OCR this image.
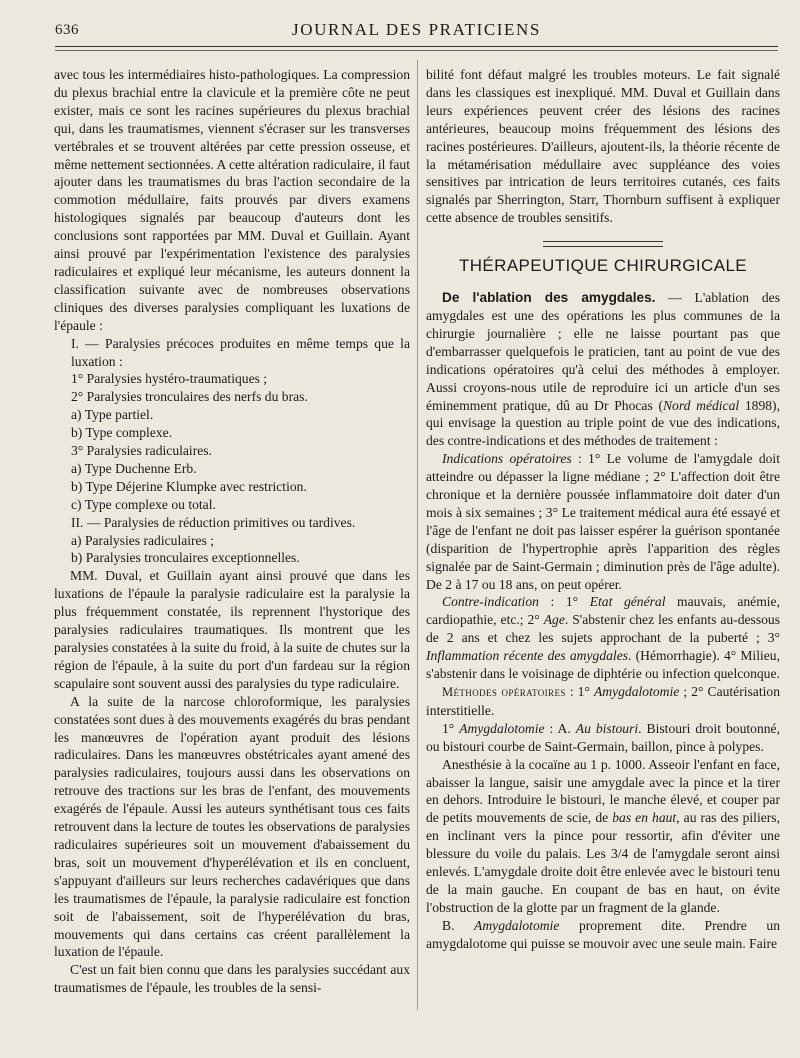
636	JOURNAL DES PRATICIENS

avec tous les intermédiaires histo-pathologiques. La compression du plexus brachial entre la clavicule et la première côte ne peut exister, mais ce sont les racines supérieures du plexus brachial qui, dans les traumatismes, viennent s'écraser sur les transverses vertébrales et se trouvent altérées par cette pression osseuse, et même nettement sectionnées. A cette altération radiculaire, il faut ajouter dans les traumatismes du bras l'action secondaire de la commotion médullaire, faits prouvés par divers examens histologiques signalés par beaucoup d'auteurs dont les conclusions sont rapportées par MM. Duval et Guillain. Ayant ainsi prouvé par l'expérimentation l'existence des paralysies radiculaires et expliqué leur mécanisme, les auteurs donnent la classification suivante avec de nombreuses observations cliniques des diverses paralysies compliquant les luxations de l'épaule :

I. — Paralysies précoces produites en même temps que la luxation :

1° Paralysies hystéro-traumatiques ;

2° Paralysies tronculaires des nerfs du bras.

a) Type partiel.

b) Type complexe.

3° Paralysies radiculaires.

a) Type Duchenne Erb.

b) Type Déjerine Klumpke avec restriction.

c) Type complexe ou total.

II. — Paralysies de réduction primitives ou tardives.

a) Paralysies radiculaires ;

b) Paralysies tronculaires exceptionnelles.

MM. Duval, et Guillain ayant ainsi prouvé que dans les luxations de l'épaule la paralysie radiculaire est la paralysie la plus fréquemment constatée, ils reprennent l'hystorique des paralysies radiculaires traumatiques. Ils montrent que les paralysies constatées à la suite du froid, à la suite de chutes sur la région de l'épaule, à la suite du port d'un fardeau sur la région scapulaire sont souvent aussi des paralysies du type radiculaire.

A la suite de la narcose chloroformique, les paralysies constatées sont dues à des mouvements exagérés du bras pendant les manœuvres de l'opération ayant produit des lésions radiculaires. Dans les manœuvres obstétricales ayant amené des paralysies radiculaires, toujours aussi dans les observations on retrouve des tractions sur les bras de l'enfant, des mouvements exagérés de l'épaule. Aussi les auteurs synthétisant tous ces faits retrouvent dans la lecture de toutes les observations de paralysies radiculaires supérieures soit un mouvement d'abaissement du bras, soit un mouvement d'hyperélévation et ils en concluent, s'appuyant d'ailleurs sur leurs recherches cadavériques que dans les traumatismes de l'épaule, la paralysie radiculaire est fonction soit de l'abaissement, soit de l'hyperélévation du bras, mouvements qui dans certains cas créent parallèlement la luxation de l'épaule.

C'est un fait bien connu que dans les paralysies succédant aux traumatismes de l'épaule, les troubles de la sensi-

bilité font défaut malgré les troubles moteurs. Le fait signalé dans les classiques est inexpliqué. MM. Duval et Guillain dans leurs expériences peuvent créer des lésions des racines antérieures, beaucoup moins fréquemment des lésions des racines postérieures. D'ailleurs, ajoutent-ils, la théorie récente de la métamérisation médullaire avec suppléance des voies sensitives par intrication de leurs territoires cutanés, ces faits signalés par Sherrington, Starr, Thornburn suffisent à expliquer cette absence de troubles sensitifs.

THÉRAPEUTIQUE CHIRURGICALE

De l'ablation des amygdales. — L'ablation des amygdales est une des opérations les plus communes de la chirurgie journalière ; elle ne laisse pourtant pas que d'embarrasser quelquefois le praticien, tant au point de vue des indications opératoires qu'à celui des méthodes à employer. Aussi croyons-nous utile de reproduire ici un article d'un ses éminemment pratique, dû au Dr Phocas (Nord médical 1898), qui envisage la question au triple point de vue des indications, des contre-indications et des méthodes de traitement :

Indications opératoires : 1° Le volume de l'amygdale doit atteindre ou dépasser la ligne médiane ; 2° L'affection doit être chronique et la dernière poussée inflammatoire doit dater d'un mois à six semaines ; 3° Le traitement médical aura été essayé et l'âge de l'enfant ne doit pas laisser espérer la guérison spontanée (disparition de l'hypertrophie après l'apparition des règles signalée par de Saint-Germain ; diminution près de l'âge adulte). De 2 à 17 ou 18 ans, on peut opérer.

Contre-indication : 1° Etat général mauvais, anémie, cardiopathie, etc.; 2° Age. S'abstenir chez les enfants au-dessous de 2 ans et chez les sujets approchant de la puberté ; 3° Inflammation récente des amygdales. (Hémorrhagie). 4° Milieu, s'abstenir dans le voisinage de diphtérie ou infection quelconque.

Méthodes opératoires : 1° Amygdalotomie ; 2° Cautérisation interstitielle.

1° Amygdalotomie : A. Au bistouri. Bistouri droit boutonné, ou bistouri courbe de Saint-Germain, baillon, pince à polypes.

Anesthésie à la cocaïne au 1 p. 1000. Asseoir l'enfant en face, abaisser la langue, saisir une amygdale avec la pince et la tirer en dehors. Introduire le bistouri, le manche élevé, et couper par de petits mouvements de scie, de bas en haut, au ras des piliers, en inclinant vers la pince pour ressortir, afin d'éviter une blessure du voile du palais. Les 3/4 de l'amygdale seront ainsi enlevés. L'amygdale droite doit être enlevée avec le bistouri tenu de la main gauche. En coupant de bas en haut, on évite l'obstruction de la glotte par un fragment de la glande.

B. Amygdalotomie proprement dite. Prendre un amygdalotome qui puisse se mouvoir avec une seule main. Faire
